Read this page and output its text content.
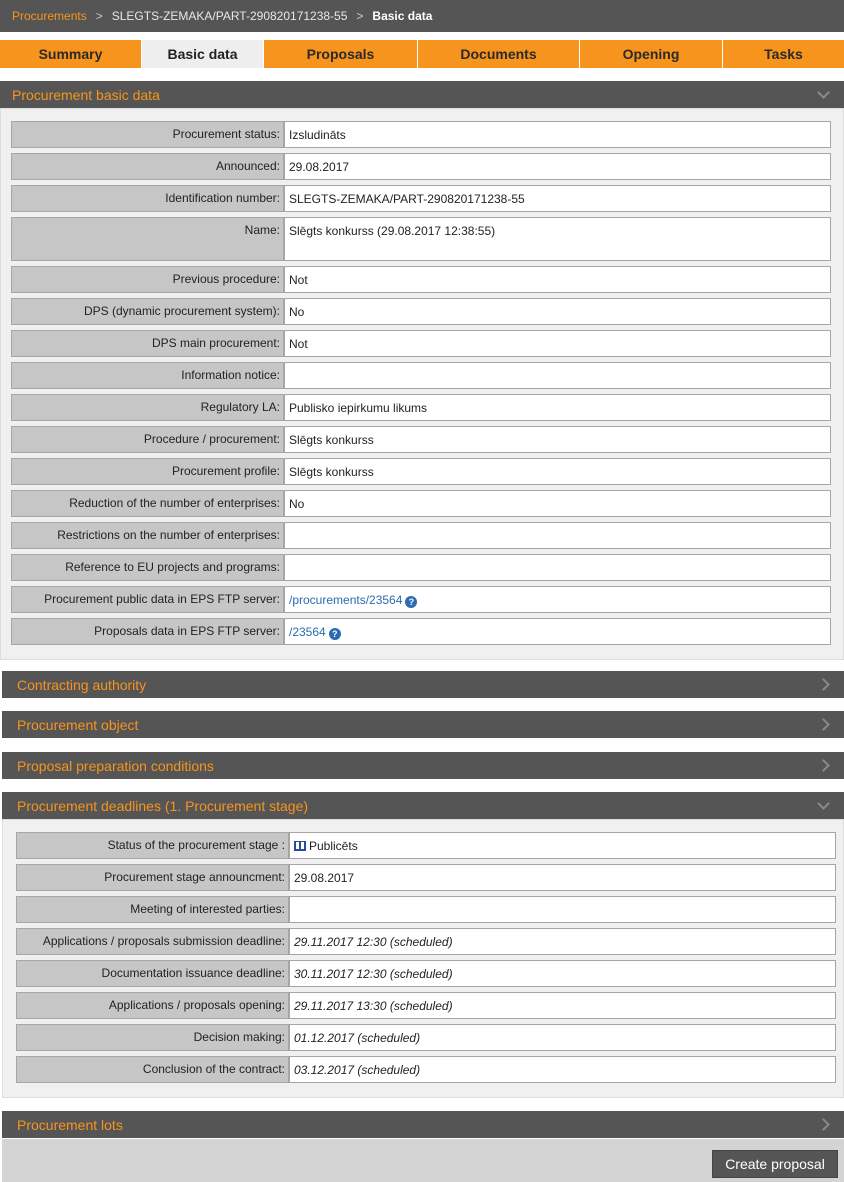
Procurements > SLEGTS-ZEMAKA/PART-290820171238-55 > Basic data
Summary	Basic data	Proposals	Documents	Opening	Tasks
Procurement basic data
Procurement status: Izsludināts
Announced: 29.08.2017
Identification number: SLEGTS-ZEMAKA/PART-290820171238-55
Name: Slēgts konkurss (29.08.2017 12:38:55)
Previous procedure: Not
DPS (dynamic procurement system): No
DPS main procurement: Not
Information notice:
Regulatory LA: Publisko iepirkumu likums
Procedure / procurement: Slēgts konkurss
Procurement profile: Slēgts konkurss
Reduction of the number of enterprises: No
Restrictions on the number of enterprises:
Reference to EU projects and programs:
Procurement public data in EPS FTP server: /procurements/23564 ?
Proposals data in EPS FTP server: /23564 ?
Contracting authority
Procurement object
Proposal preparation conditions
Procurement deadlines (1. Procurement stage)
Status of the procurement stage :	Publicēts
Procurement stage announcment: 29.08.2017
Meeting of interested parties:
Applications / proposals submission deadline: 29.11.2017 12:30 (scheduled)
Documentation issuance deadline: 30.11.2017 12:30 (scheduled)
Applications / proposals opening: 29.11.2017 13:30 (scheduled)
Decision making: 01.12.2017 (scheduled)
Conclusion of the contract: 03.12.2017 (scheduled)
Procurement lots
Create proposal
